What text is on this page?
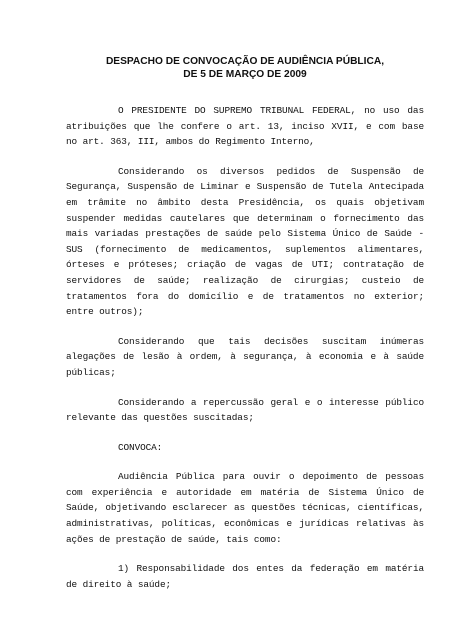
DESPACHO DE CONVOCAÇÃO DE AUDIÊNCIA PÚBLICA,

DE 5 DE MARÇO DE 2009

O PRESIDENTE DO SUPREMO TRIBUNAL FEDERAL, no uso das atribuições que lhe confere o art. 13, inciso XVII, e com base no art. 363, III, ambos do Regimento Interno,

Considerando os diversos pedidos de Suspensão de Segurança, Suspensão de Liminar e Suspensão de Tutela Antecipada em trâmite no âmbito desta Presidência, os quais objetivam suspender medidas cautelares que determinam o fornecimento das mais variadas prestações de saúde pelo Sistema Único de Saúde - SUS (fornecimento de medicamentos, suplementos alimentares, órteses e próteses; criação de vagas de UTI; contratação de servidores de saúde; realização de cirurgias; custeio de tratamentos fora do domicílio e de tratamentos no exterior; entre outros);

Considerando que tais decisões suscitam inúmeras alegações de lesão à ordem, à segurança, à economia e à saúde públicas;

Considerando a repercussão geral e o interesse público relevante das questões suscitadas;

CONVOCA:

Audiência Pública para ouvir o depoimento de pessoas com experiência e autoridade em matéria de Sistema Único de Saúde, objetivando esclarecer as questões técnicas, científicas, administrativas, políticas, econômicas e jurídicas relativas às ações de prestação de saúde, tais como:

1) Responsabilidade dos entes da federação em matéria de direito à saúde;
